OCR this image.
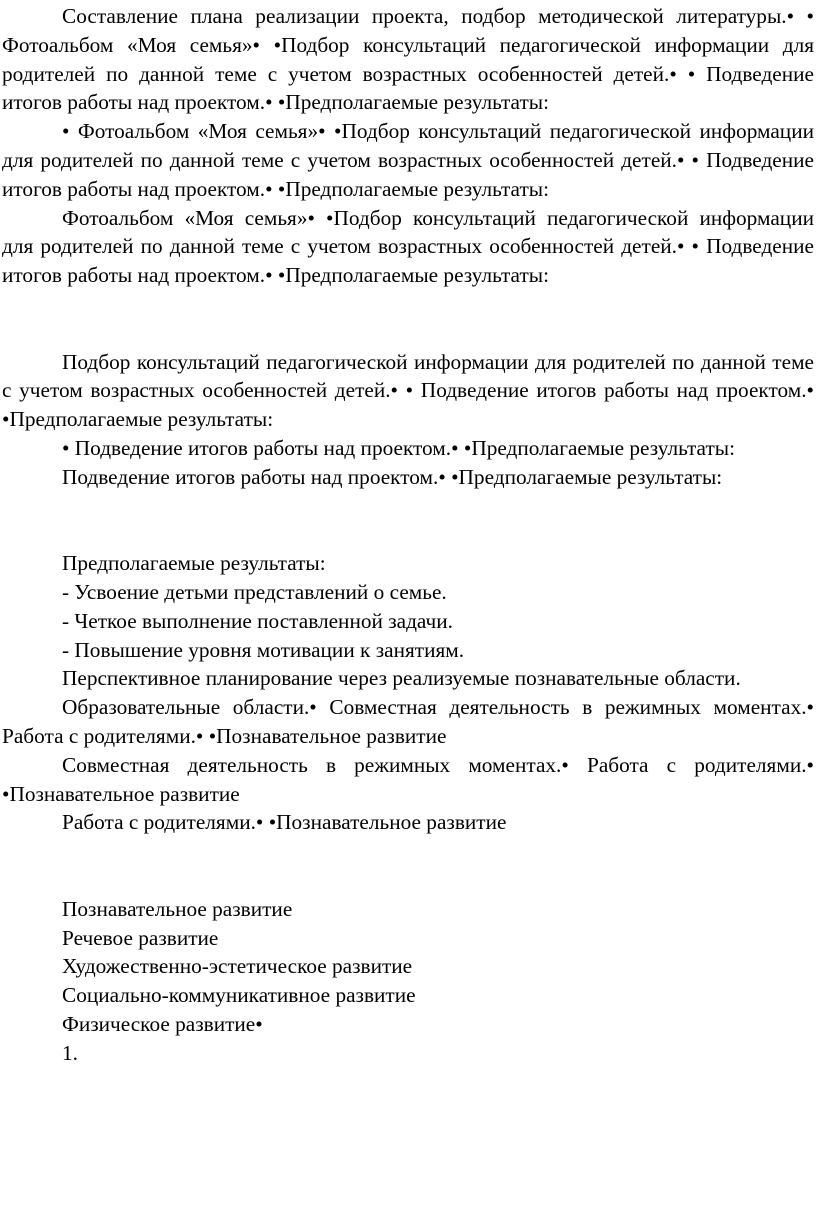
Составление плана реализации проекта, подбор методической литературы.• • Фотоальбом «Моя семья»• •Подбор консультаций педагогической информации для родителей по данной теме с учетом возрастных особенностей детей.• • Подведение итогов работы над проектом.• •Предполагаемые результаты:

• Фотоальбом «Моя семья»• •Подбор консультаций педагогической информации для родителей по данной теме с учетом возрастных особенностей детей.• • Подведение итогов работы над проектом.• •Предполагаемые результаты:

Фотоальбом «Моя семья»• •Подбор консультаций педагогической информации для родителей по данной теме с учетом возрастных особенностей детей.• • Подведение итогов работы над проектом.• •Предполагаемые результаты:

Подбор консультаций педагогической информации для родителей по данной теме с учетом возрастных особенностей детей.• • Подведение итогов работы над проектом.• •Предполагаемые результаты:

• Подведение итогов работы над проектом.• •Предполагаемые результаты:

Подведение итогов работы над проектом.• •Предполагаемые результаты:

Предполагаемые результаты:

- Усвоение детьми представлений о семье.

- Четкое выполнение поставленной задачи.

- Повышение уровня мотивации к занятиям.

Перспективное планирование через реализуемые познавательные области.

Образовательные области.• Совместная деятельность в режимных моментах.• Работа с родителями.• •Познавательное развитие

Совместная деятельность в режимных моментах.• Работа с родителями.• •Познавательное развитие

Работа с родителями.• •Познавательное развитие

Познавательное развитие

Речевое развитие

Художественно-эстетическое развитие

Социально-коммуникативное развитие

Физическое развитие•

1.
